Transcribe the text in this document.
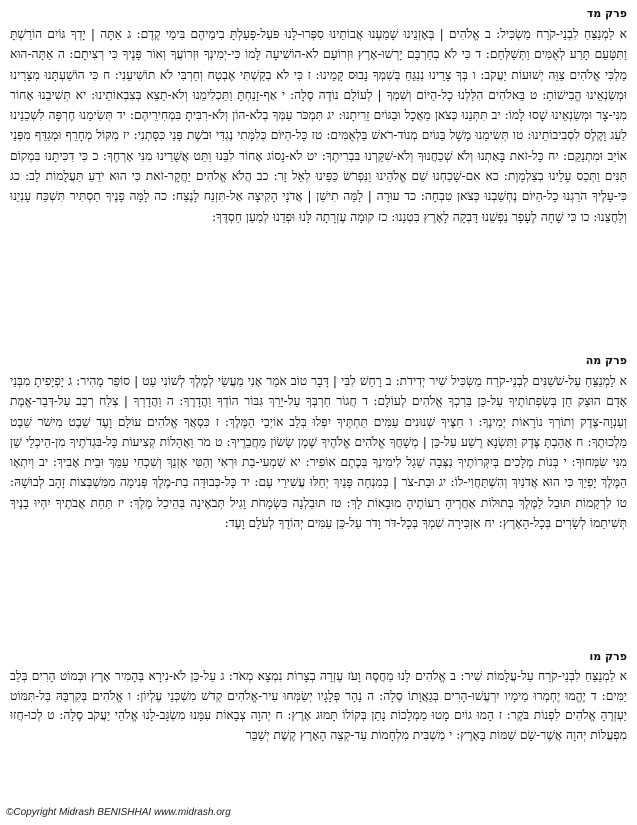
פרק מד

א לַמְנַצֵּחַ לִבְנֵי-קֹרַח מַשְׂכִּיל: ב אֱלֹהִים | בְּאָזְנֵינוּ שָׁמַעְנוּ אֲבוֹתֵינוּ סִפְּרוּ-לָנוּ פֹּעַל-פָּעַלְתָּ בִימֵיהֶם בִּימֵי קֶדֶם: ג אַתָּה | יָדְךָ גּוֹיִם הוֹרַשְׁתָּ וַתִּטָּעֵם תָּרַע לְאֻמִּים וַתְּשַׁלְּחֵם: ד כִּי לֹא בְחַרְבָּם יָרְשׁוּ-אָרֶץ וּזְרוֹעָם לֹא-הוֹשִׁיעָה לָּמוֹ כִּי-יְמִינְךָ וּזְרוֹעֲךָ וְאוֹר פָּנֶיךָ כִּי רְצִיתָם: ה אַתָּה-הוּא מַלְכִּי אֱלֹהִים צַוֵּה יְשׁוּעוֹת יַעֲקֹב: ו בְּךָ צָרֵינוּ נְנַגֵּחַ בְּשִׁמְךָ נָבוּס קָמֵינוּ: ז כִּי לֹא בְקַשְׁתִּי אֶבְטָח וְחַרְבִּי לֹא תוֹשִׁיעֵנִי: ח כִּי הוֹשַׁעְתָּנוּ מִצָּרֵינוּ וּמְשַׂנְאֵינוּ הֱבִישׁוֹתָ: ט בֵּאלֹהִים הִלַּלְנוּ כָל-הַיּוֹם וְשִׁמְךָ | לְעוֹלָם נוֹדֶה סֶלָה: י אַף-זָנַחְתָּ וַתַּכְלִימֵנוּ וְלֹא-תֵצֵא בְּצִבְאוֹתֵינוּ: יא תְּשִׁיבֵנוּ אָחוֹר מִנִּי-צָר וּמְשַׂנְאֵינוּ שָׁסוּ לָמוֹ: יב תִּתְּנֵנוּ כְּצֹאן מַאֲכָל וּבַגּוֹיִם זֵרִיתָנוּ: יג תִּמְכֹּר עַמְּךָ בְלֹא-הוֹן וְלֹא-רִבִּיתָ בִּמְחִירֵיהֶם: יד תְּשִׂימֵנוּ חֶרְפָּה לִשְׁכֵנֵינוּ לַעַג וָקֶלֶס לִסְבִיבוֹתֵינוּ: טו תְּשִׂימֵנוּ מָשָׁל בַּגּוֹיִם מְנוֹד-רֹאשׁ בַּלְאֻמִּים: טז כָּל-הַיּוֹם כְּלִמָּתִי נֶגְדִּי וּבֹשֶׁת פָּנַי כִּסָּתְנִי: יז מִקּוֹל מְחָרֵף וּמְגַדֵּף מִפְּנֵי אוֹיֵב וּמִתְנַקֵּם: יח כָּל-זֹאת בָּאַתְנוּ וְלֹא שְׁכַחֲנוּךָ וְלֹא-שִׁקַּרְנוּ בִּבְרִיתֶךָ: יט לֹא-נָסוֹג אָחוֹר לִבֵּנוּ וַתֵּט אֲשֻׁרֵינוּ מִנִּי אָרְחֶךָ: כ כִּי דִכִּיתָנוּ בִּמְקוֹם תַּנִּים וַתְּכַס עָלֵינוּ בְצַלְמָוֶת: כא אִם-שָׁכַחְנוּ שֵׁם אֱלֹהֵינוּ וַנִּפְרֹשׂ כַּפֵּינוּ לְאֵל זָר: כב הֲלֹא אֱלֹהִים יַחֲקָר-זֹאת כִּי הוּא יֹדֵעַ תַּעֲלֻמוֹת לֵב: כג כִּי-עָלֶיךָ הֹרַגְנוּ כָל-הַיּוֹם נֶחְשַׁבְנוּ כְּצֹאן טִבְחָה: כד עוּרָה | לָמָּה תִישַׁן | אֲדֹנָי הָקִיצָה אַל-תִּזְנַח לָנֶצַח: כה לָמָּה פָנֶיךָ תַסְתִּיר תִּשְׁכַּח עָנְיֵנוּ וְלַחֲצֵנוּ: כו כִּי שָׁחָה לֶעָפָר נַפְשֵׁנוּ דָּבְקָה לָאָרֶץ בִּטְנֵנוּ: כז קוּמָה עֶזְרָתָה לָּנוּ וּפְדֵנוּ לְמַעַן חַסְדֶּךָ:

פרק מה

א לַמְנַצֵּחַ עַל-שֹׁשַׁנִּים לִבְנֵי-קֹרַח מַשְׂכִּיל שִׁיר יְדִידֹת: ב רָחַשׁ לִבִּי | דָּבָר טוֹב אֹמֵר אָנִי מַעֲשַׂי לְמֶלֶךְ לְשׁוֹנִי עֵט | סוֹפֵר מָהִיר: ג יָפְיָפִיתָ מִבְּנֵי אָדָם הוּצַק חֵן בְּשְׂפְתוֹתֶיךָ עַל-כֵּן בֵּרַכְךָ אֱלֹהִים לְעוֹלָם: ד חֲגוֹר חַרְבְּךָ עַל-יָרֵךְ גִּבּוֹר הוֹדְךָ וַהֲדָרֶךָ: ה וַהֲדָרְךָ | צְלַח רְכַב עַל-דְּבַר-אֱמֶת וְעַנְוָה-צֶדֶק וְתוֹרְךָ נוֹרָאוֹת יְמִינֶךָ: ו חִצֶּיךָ שְׁנוּנִים עַמִּים תַּחְתֶּיךָ יִפְּלוּ בְּלֵב אוֹיְבֵי הַמֶּלֶךְ: ז כִּסְאֲךָ אֱלֹהִים עוֹלָם וָעֶד שֵׁבֶט מִישֹׁר שֵׁבֶט מַלְכוּתֶךָ: ח אָהַבְתָּ צֶּדֶק וַתִּשְׂנָא רֶשַׁע עַל-כֵּן | מְשָׁחֲךָ אֱלֹהִים אֱלֹהֶיךָ שֶׁמֶן שָׂשׂוֹן מֵחֲבֵרֶיךָ: ט מֹר וַאֲהָלוֹת קְצִיעוֹת כָּל-בִּגְדֹתֶיךָ מִן-הֵיכְלֵי שֵׁן מִנִּי שִׂמְּחוּךָ: י בְּנוֹת מְלָכִים בְּיִקְּרוֹתֶיךָ נִצְּבָה שֵׁגַל לִימִינְךָ בְּכֶתֶם אוֹפִיר: יא שִׁמְעִי-בַת וּרְאִי וְהַטִּי אָזְנֵךְ וְשִׁכְחִי עַמֵּךְ וּבֵית אָבִיךְ: יב וְיִתְאָו הַמֶּלֶךְ יָפְיֵךְ כִּי הוּא אֲדֹנַיִךְ וְהִשְׁתַּחֲוִי-לוֹ: יג וּבַת-צֹר | בְּמִנְחָה פָּנַיִךְ יְחַלּוּ עֲשִׁירֵי עָם: יד כָּל-כְּבוּדָּה בַת-מֶלֶךְ פְּנִימָה מִמִּשְׁבְּצוֹת זָהָב לְבוּשָׁהּ: טו לִרְקָמוֹת תּוּבַל לַמֶּלֶךְ בְּתוּלוֹת אַחֲרֶיהָ רֵעוֹתֶיהָ מוּבָאוֹת לָךְ: טז תּוּבַלְנָה בִּשְׂמָחֹת וָגִיל תְּבֹאֶינָה בְּהֵיכַל מֶלֶךְ: יז תַּחַת אֲבֹתֶיךָ יִהְיוּ בָנֶיךָ תְּשִׁיתֵמוֹ לְשָׂרִים בְּכָל-הָאָרֶץ: יח אַזְכִּירָה שִׁמְךָ בְּכָל-דֹּר וָדֹר עַל-כֵּן עַמִּים יְהוֹדֻךָ לְעֹלָם וָעֶד:

פרק מו

א לַמְנַצֵּחַ לִבְנֵי-קֹרַח עַל-עֲלָמוֹת שִׁיר: ב אֱלֹהִים לָנוּ מַחֲסֶה וָעֹז עֶזְרָה בְצָרוֹת נִמְצָא מְאֹד: ג עַל-כֵּן לֹא-נִירָא בְּהָמִיר אָרֶץ וּבְמוֹט הָרִים בְּלֵב יַמִּים: ד יֶהֱמוּ יֶחְמְרוּ מֵימָיו יִרְעֲשׁוּ-הָרִים בְּגַאֲוָתוֹ סֶלָה: ה נָהָר פְּלָגָיו יְשַׂמְּחוּ עִיר-אֱלֹהִים קְדֹשׁ מִשְׁכְּנֵי עֶלְיוֹן: ו אֱלֹהִים בְּקִרְבָּהּ בַּל-תִּמּוֹט יַעְזְרֶהָ אֱלֹהִים לִפְנוֹת בֹּקֶר: ז הָמוּ גוֹיִם מָטוּ מַמְלָכוֹת נָתַן בְּקוֹלוֹ תָּמוּג אָרֶץ: ח יְהוָה צְבָאוֹת עִמָּנוּ מִשְׂגָּב-לָנוּ אֱלֹהֵי יַעֲקֹב סֶלָה: ט לְכוּ-חֲזוּ מִפְעֲלוֹת יְהוָה אֲשֶׁר-שָׂם שַׁמּוֹת בָּאָרֶץ: י מַשְׁבִּית מִלְחָמוֹת עַד-קְצֵה הָאָרֶץ קֶשֶׁת יְשַׁבֵּר

©Copyright Midrash BENISHHAI www.midrash.org
